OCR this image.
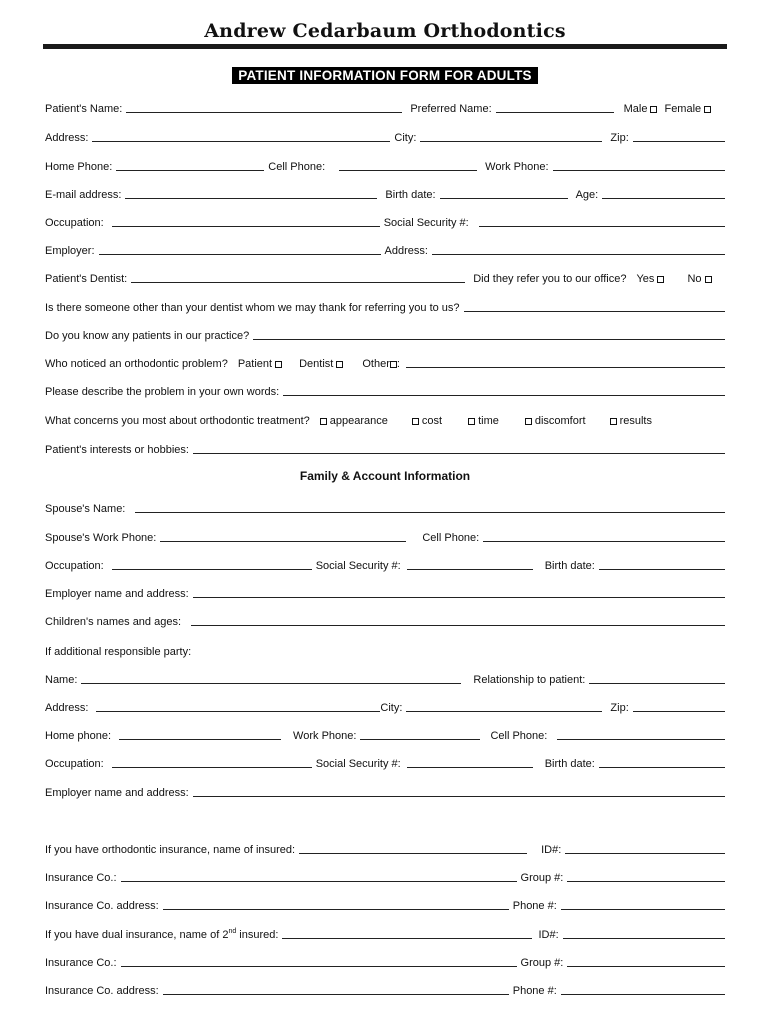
Andrew Cedarbaum Orthodontics
PATIENT INFORMATION FORM FOR ADULTS
Patient's Name:	Preferred Name:	Male Female
Address:	City:	Zip:
Home Phone:	Cell Phone:	Work Phone:
E-mail address:	Birth date:	Age:
Occupation:	Social Security #:
Employer:	Address:
Patient's Dentist:	Did they refer you to our office? Yes	No
Is there someone other than your dentist whom we may thank for referring you to us?
Do you know any patients in our practice?
Who noticed an orthodontic problem? Patient Dentist	Other :
Please describe the problem in your own words:
What concerns you most about orthodontic treatment?	appearance	cost	time	discomfort	results
Patient's interests or hobbies:
Family & Account Information
Spouse's Name:
Spouse's Work Phone:	Cell Phone:
Occupation:	Social Security #:	Birth date:
Employer name and address:
Children's names and ages:
If additional responsible party:
Name:	Relationship to patient:
Address:	City:	Zip:
Home phone:	Work Phone:	Cell Phone:
Occupation:	Social Security #:	Birth date:
Employer name and address:
If you have orthodontic insurance, name of insured:	ID#:
Insurance Co.:	Group #:
Insurance Co. address:	Phone #:
If you have dual insurance, name of 2nd insured:	ID#:
Insurance Co.:	Group #:
Insurance Co. address:	Phone #:
